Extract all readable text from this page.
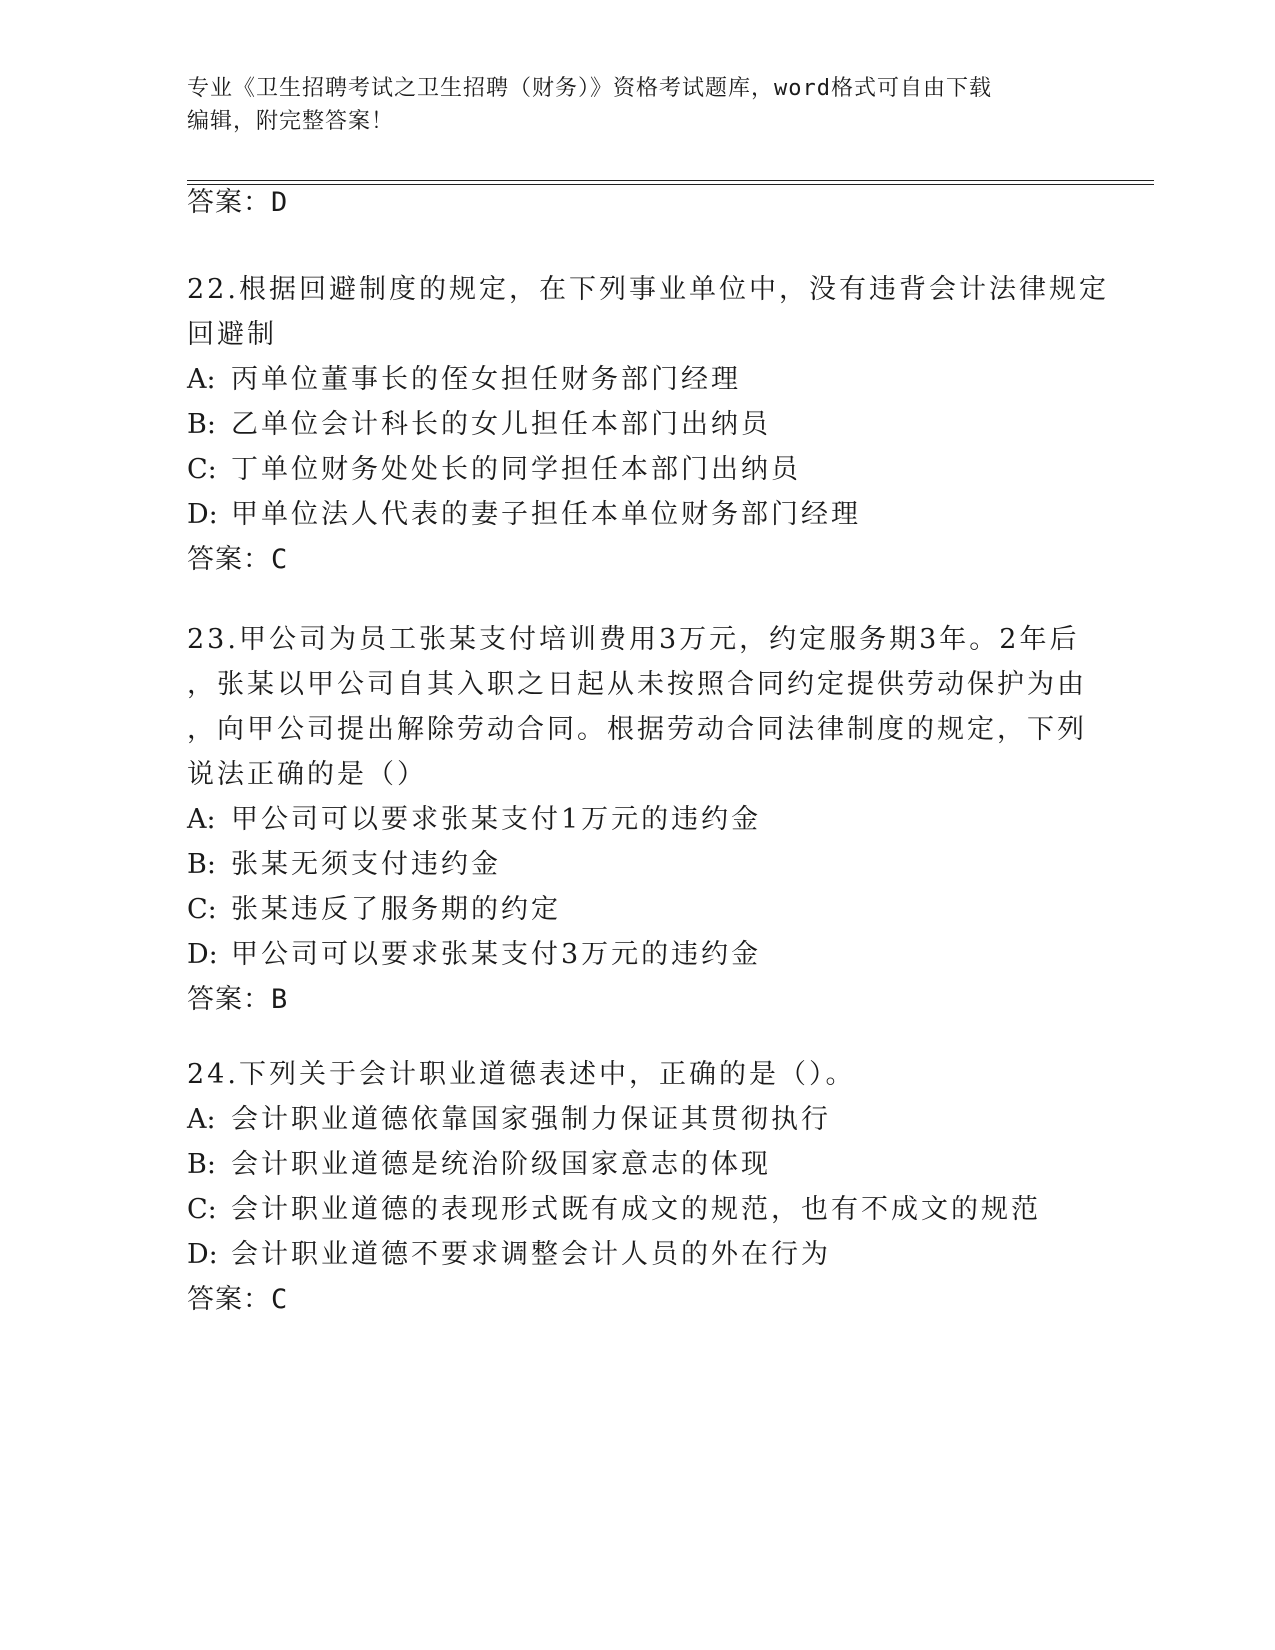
专业《卫生招聘考试之卫生招聘（财务）》资格考试题库，word格式可自由下载
编辑，附完整答案！
答案：D
22.根据回避制度的规定，在下列事业单位中，没有违背会计法律规定
回避制
A: 丙单位董事长的侄女担任财务部门经理
B: 乙单位会计科长的女儿担任本部门出纳员
C: 丁单位财务处处长的同学担任本部门出纳员
D: 甲单位法人代表的妻子担任本单位财务部门经理
答案：C
23.甲公司为员工张某支付培训费用3万元，约定服务期3年。2年后
，张某以甲公司自其入职之日起从未按照合同约定提供劳动保护为由
，向甲公司提出解除劳动合同。根据劳动合同法律制度的规定，下列
说法正确的是（）
A: 甲公司可以要求张某支付1万元的违约金
B: 张某无须支付违约金
C: 张某违反了服务期的约定
D: 甲公司可以要求张某支付3万元的违约金
答案：B
24.下列关于会计职业道德表述中，正确的是（）。
A: 会计职业道德依靠国家强制力保证其贯彻执行
B: 会计职业道德是统治阶级国家意志的体现
C: 会计职业道德的表现形式既有成文的规范，也有不成文的规范
D: 会计职业道德不要求调整会计人员的外在行为
答案：C
